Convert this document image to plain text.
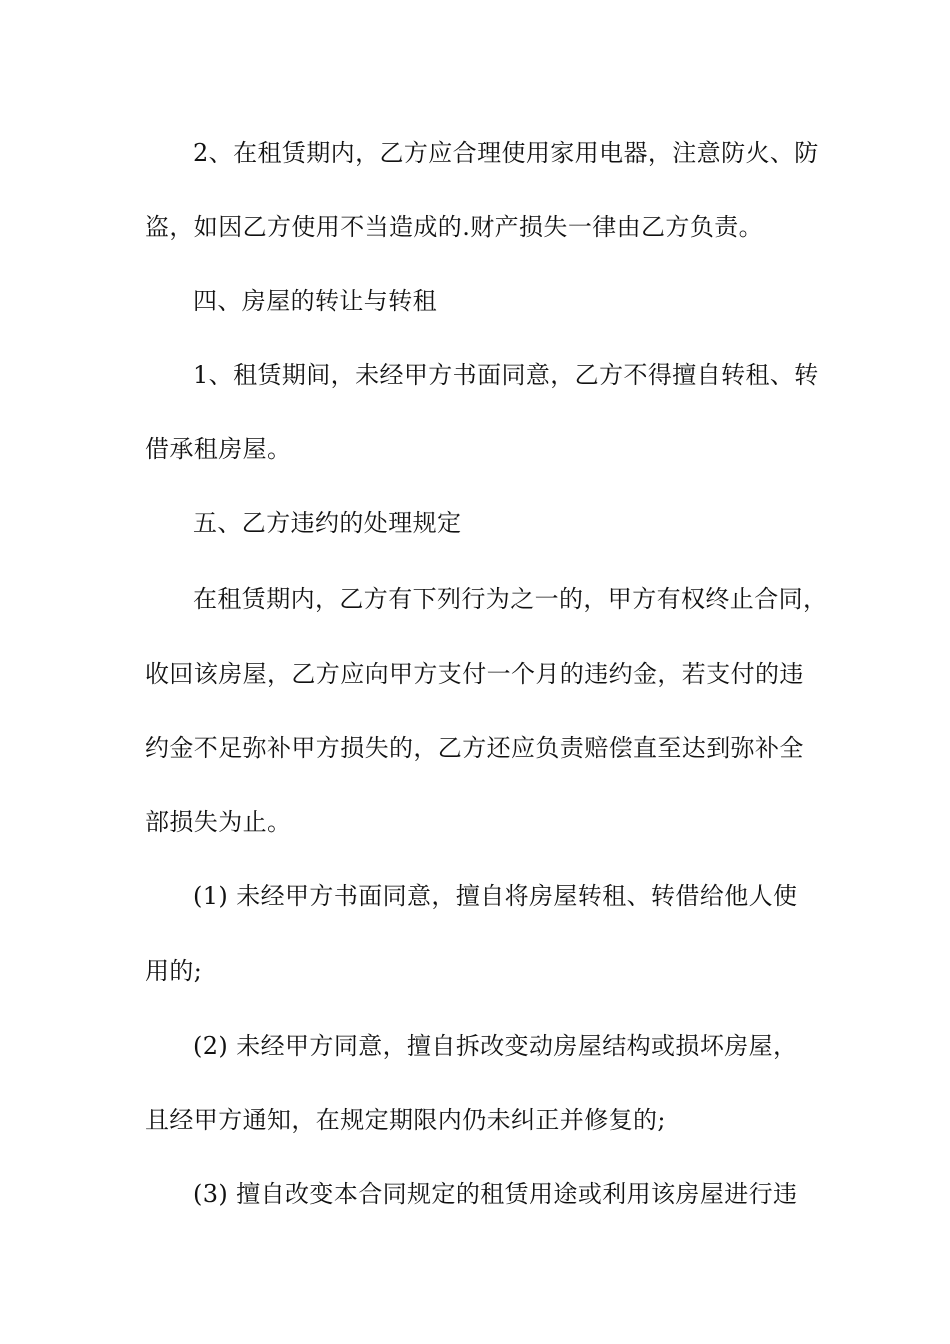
2、在租赁期内，乙方应合理使用家用电器，注意防火、防
盗，如因乙方使用不当造成的.财产损失一律由乙方负责。
四、房屋的转让与转租
1、租赁期间，未经甲方书面同意，乙方不得擅自转租、转
借承租房屋。
五、乙方违约的处理规定
在租赁期内，乙方有下列行为之一的，甲方有权终止合同，
收回该房屋，乙方应向甲方支付一个月的违约金，若支付的违
约金不足弥补甲方损失的，乙方还应负责赔偿直至达到弥补全
部损失为止。
(1) 未经甲方书面同意，擅自将房屋转租、转借给他人使
用的;
(2) 未经甲方同意，擅自拆改变动房屋结构或损坏房屋，
且经甲方通知，在规定期限内仍未纠正并修复的;
(3) 擅自改变本合同规定的租赁用途或利用该房屋进行违
